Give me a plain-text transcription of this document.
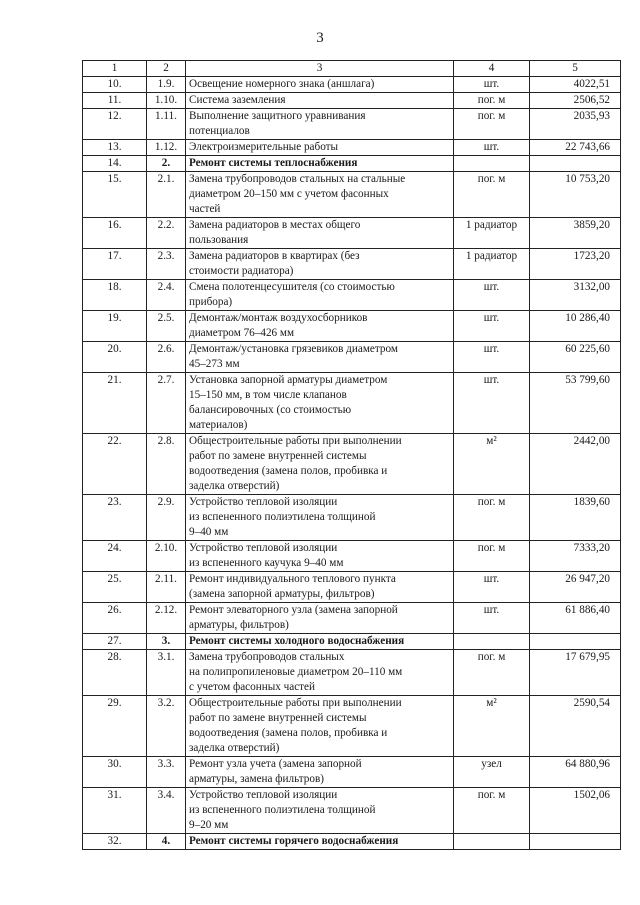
3
1	2	3	4	5
10.	1.9.	Освещение номерного знака (аншлага)	шт.	4022,51
11.	1.10.	Система заземления	пог. м	2506,52
12.	1.11.	Выполнение защитного уравнивания
потенциалов	пог. м	2035,93
13.	1.12.	Электроизмерительные работы	шт.	22 743,66
14.	2.	Ремонт системы теплоснабжения		
15.	2.1.	Замена трубопроводов стальных на стальные
диаметром 20–150 мм с учетом фасонных
частей	пог. м	10 753,20
16.	2.2.	Замена радиаторов в местах общего
пользования	1 радиатор	3859,20
17.	2.3.	Замена радиаторов в квартирах (без
стоимости радиатора)	1 радиатор	1723,20
18.	2.4.	Смена полотенцесушителя (со стоимостью
прибора)	шт.	3132,00
19.	2.5.	Демонтаж/монтаж воздухосборников
диаметром 76–426 мм	шт.	10 286,40
20.	2.6.	Демонтаж/установка грязевиков диаметром
45–273 мм	шт.	60 225,60
21.	2.7.	Установка запорной арматуры диаметром
15–150 мм, в том числе клапанов
балансировочных (со стоимостью
материалов)	шт.	53 799,60
22.	2.8.	Общестроительные работы при выполнении
работ по замене внутренней системы
водоотведения (замена полов, пробивка и
заделка отверстий)	м²	2442,00
23.	2.9.	Устройство тепловой изоляции
из вспененного полиэтилена толщиной
9–40 мм	пог. м	1839,60
24.	2.10.	Устройство тепловой изоляции
из вспененного каучука 9–40 мм	пог. м	7333,20
25.	2.11.	Ремонт индивидуального теплового пункта
(замена запорной арматуры, фильтров)	шт.	26 947,20
26.	2.12.	Ремонт элеваторного узла (замена запорной
арматуры, фильтров)	шт.	61 886,40
27.	3.	Ремонт системы холодного водоснабжения		
28.	3.1.	Замена трубопроводов стальных
на полипропиленовые диаметром 20–110 мм
с учетом фасонных частей	пог. м	17 679,95
29.	3.2.	Общестроительные работы при выполнении
работ по замене внутренней системы
водоотведения (замена полов, пробивка и
заделка отверстий)	м²	2590,54
30.	3.3.	Ремонт узла учета (замена запорной
арматуры, замена фильтров)	узел	64 880,96
31.	3.4.	Устройство тепловой изоляции
из вспененного полиэтилена толщиной
9–20 мм	пог. м	1502,06
32.	4.	Ремонт системы горячего водоснабжения		
